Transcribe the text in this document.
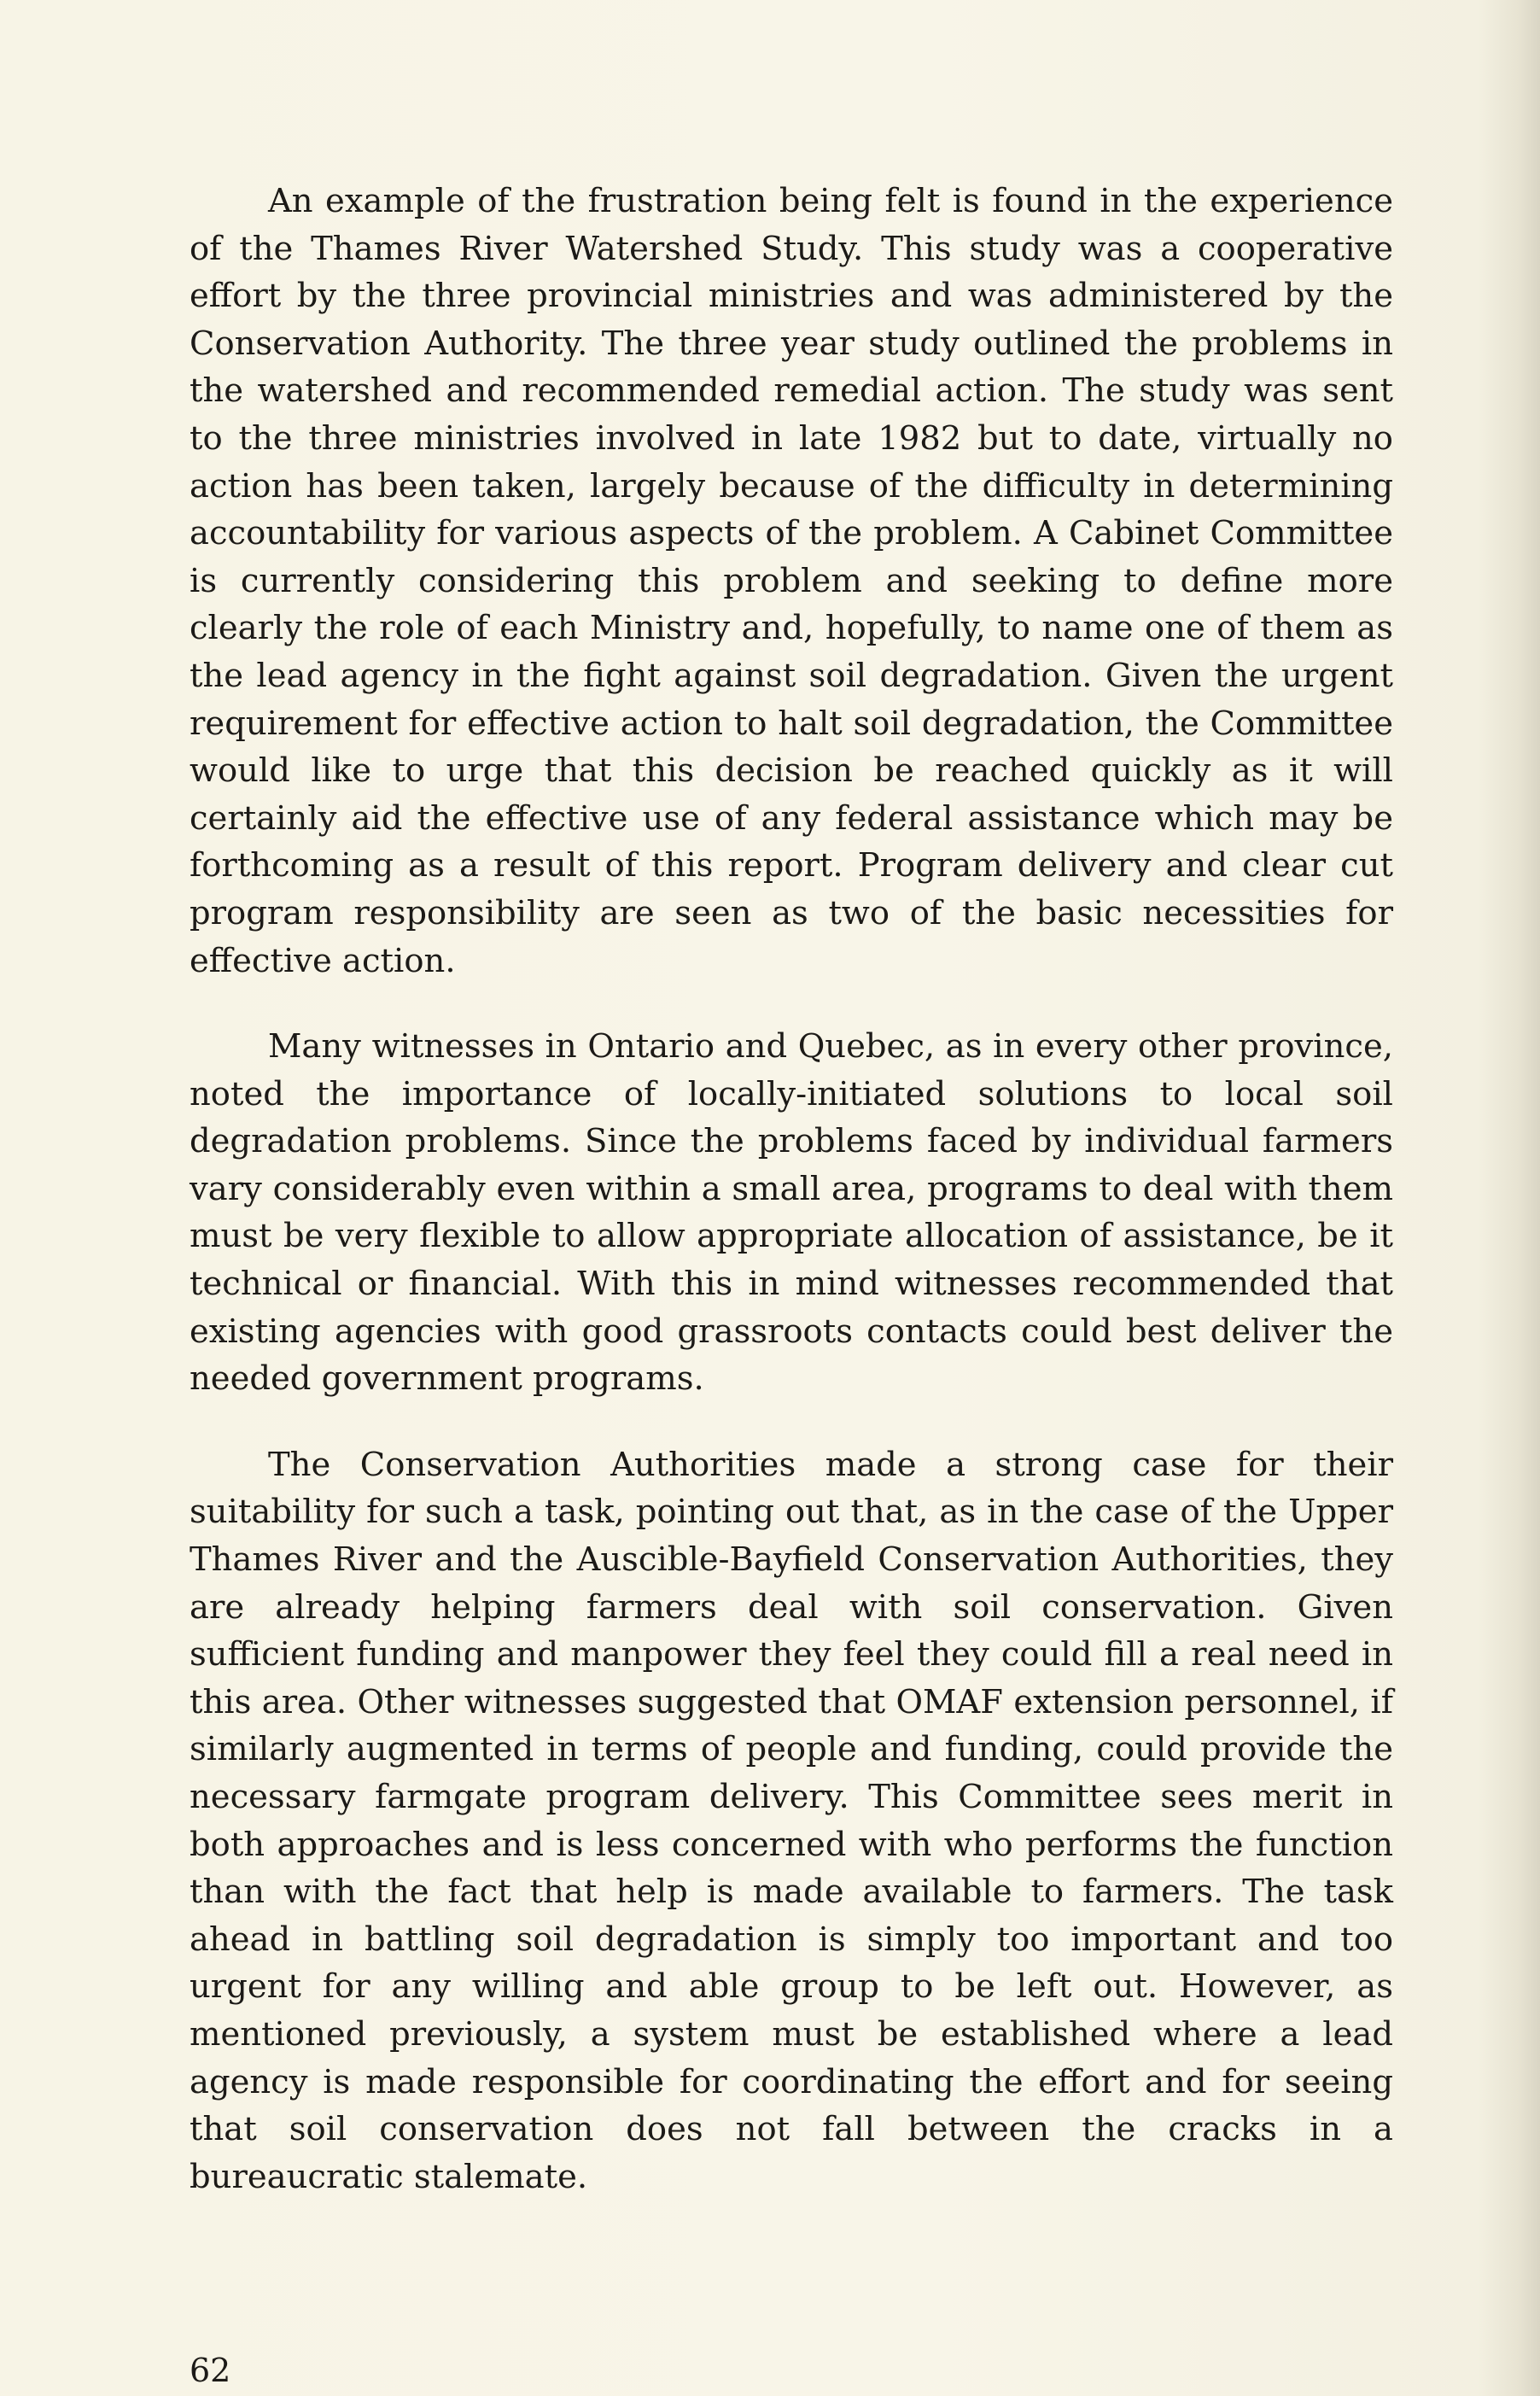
An example of the frustration being felt is found in the experience of the Thames River Watershed Study. This study was a cooperative effort by the three provincial ministries and was administered by the Conservation Authority. The three year study outlined the problems in the watershed and recommended remedial action. The study was sent to the three ministries involved in late 1982 but to date, virtually no action has been taken, largely because of the difficulty in determining accountability for various aspects of the problem. A Cabinet Committee is currently considering this problem and seeking to define more clearly the role of each Ministry and, hopefully, to name one of them as the lead agency in the fight against soil degradation. Given the urgent requirement for effective action to halt soil degradation, the Committee would like to urge that this decision be reached quickly as it will certainly aid the effective use of any federal assistance which may be forthcoming as a result of this report. Program delivery and clear cut program responsibility are seen as two of the basic necessities for effective action.

Many witnesses in Ontario and Quebec, as in every other province, noted the importance of locally-initiated solutions to local soil degradation problems. Since the problems faced by individual farmers vary considerably even within a small area, programs to deal with them must be very flexible to allow appropriate allocation of assistance, be it technical or financial. With this in mind witnesses recommended that existing agencies with good grassroots contacts could best deliver the needed government programs.

The Conservation Authorities made a strong case for their suitability for such a task, pointing out that, as in the case of the Upper Thames River and the Auscible-Bayfield Conservation Authorities, they are already helping farmers deal with soil conservation. Given sufficient funding and manpower they feel they could fill a real need in this area. Other witnesses suggested that OMAF extension personnel, if similarly augmented in terms of people and funding, could provide the necessary farmgate program delivery. This Committee sees merit in both approaches and is less concerned with who performs the function than with the fact that help is made available to farmers. The task ahead in battling soil degradation is simply too important and too urgent for any willing and able group to be left out. However, as mentioned previously, a system must be established where a lead agency is made responsible for coordinating the effort and for seeing that soil conservation does not fall between the cracks in a bureaucratic stalemate.

62
